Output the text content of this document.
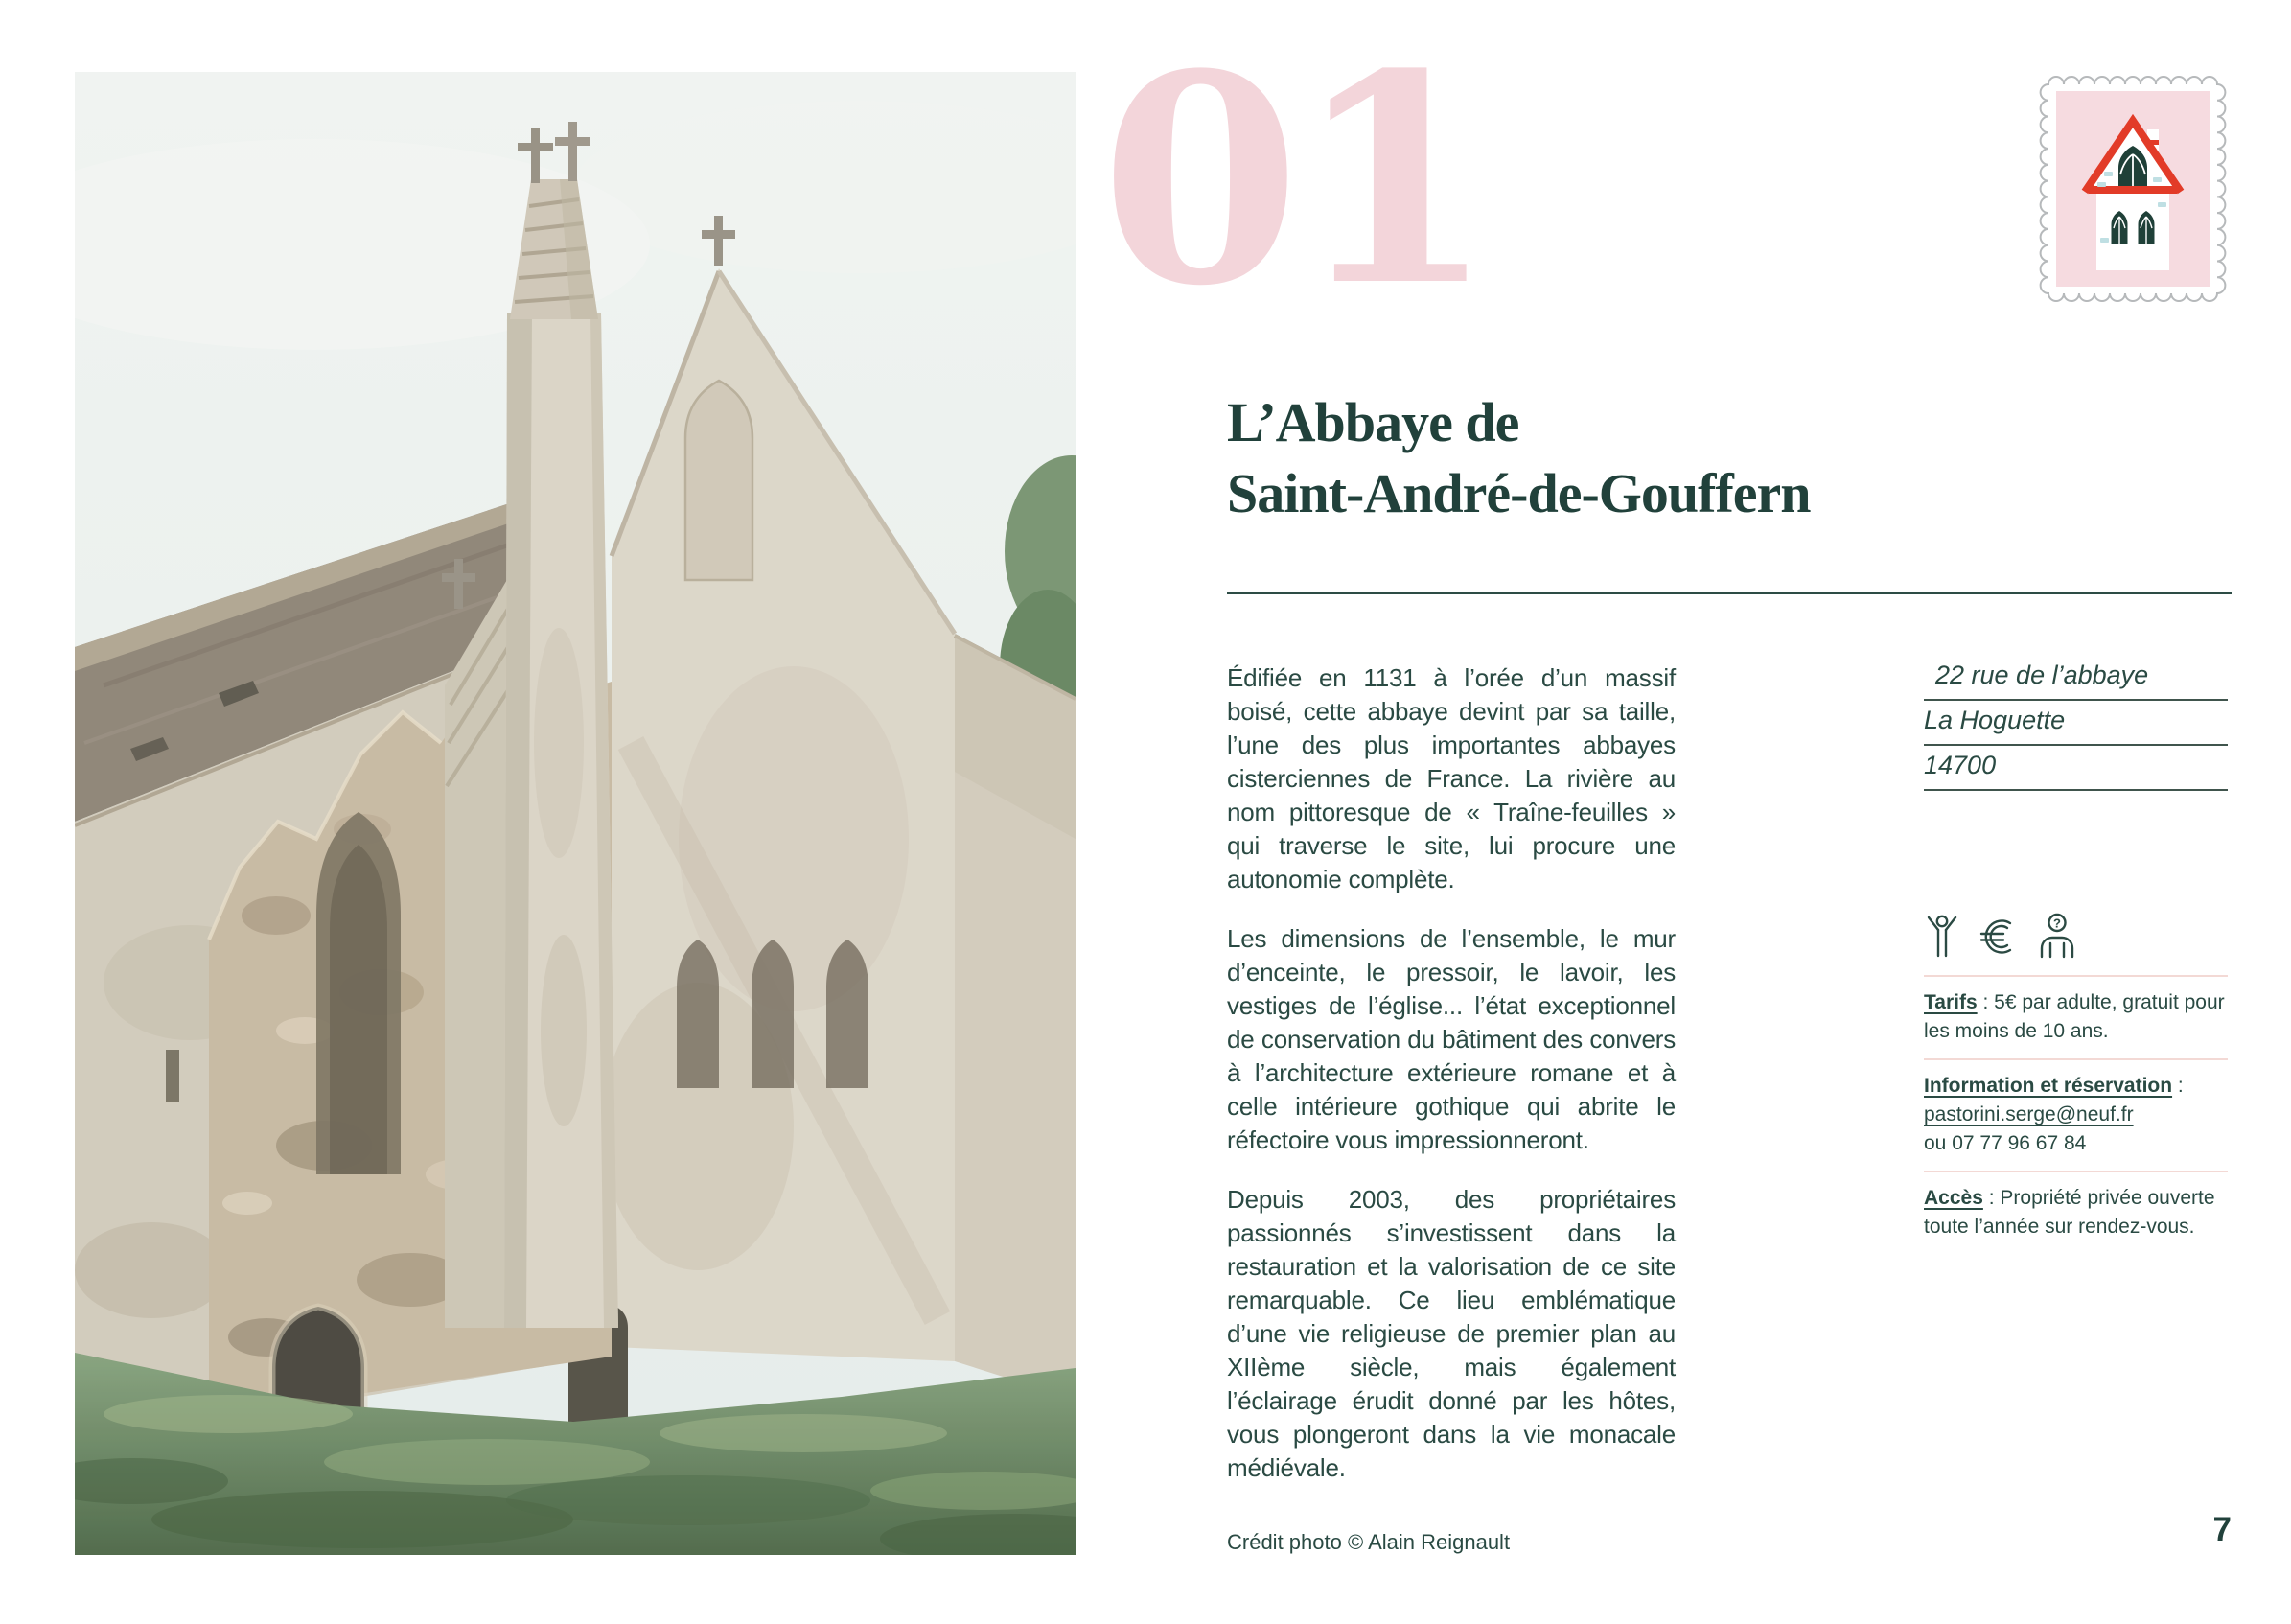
01
L’Abbaye de
Saint-André-de-Gouffern

Édifiée en 1131 à l’orée d’un massif boisé, cette abbaye devint par sa taille, l’une des plus importantes abbayes cisterciennes de France. La rivière au nom pittoresque de « Traîne-feuilles » qui traverse le site, lui procure une autonomie complète.

Les dimensions de l’ensemble, le mur d’enceinte, le pressoir, le lavoir, les vestiges de l’église... l’état exceptionnel de conservation du bâtiment des convers à l’architecture extérieure romane et à celle intérieure gothique qui abrite le réfectoire vous impressionneront.

Depuis 2003, des propriétaires passionnés s’investissent dans la restauration et la valorisation de ce site remarquable. Ce lieu emblématique d’une vie religieuse de premier plan au XIIème siècle, mais également l’éclairage érudit donné par les hôtes, vous plongeront dans la vie monacale médiévale.

22 rue de l’abbaye
La Hoguette
14700
?

Tarifs : 5€ par adulte, gratuit pour les moins de 10 ans.

Information et réservation :
pastorini.serge@neuf.fr
ou 07 77 96 67 84

Accès : Propriété privée ouverte toute l’année sur rendez-vous.

Crédit photo © Alain Reignault	7
